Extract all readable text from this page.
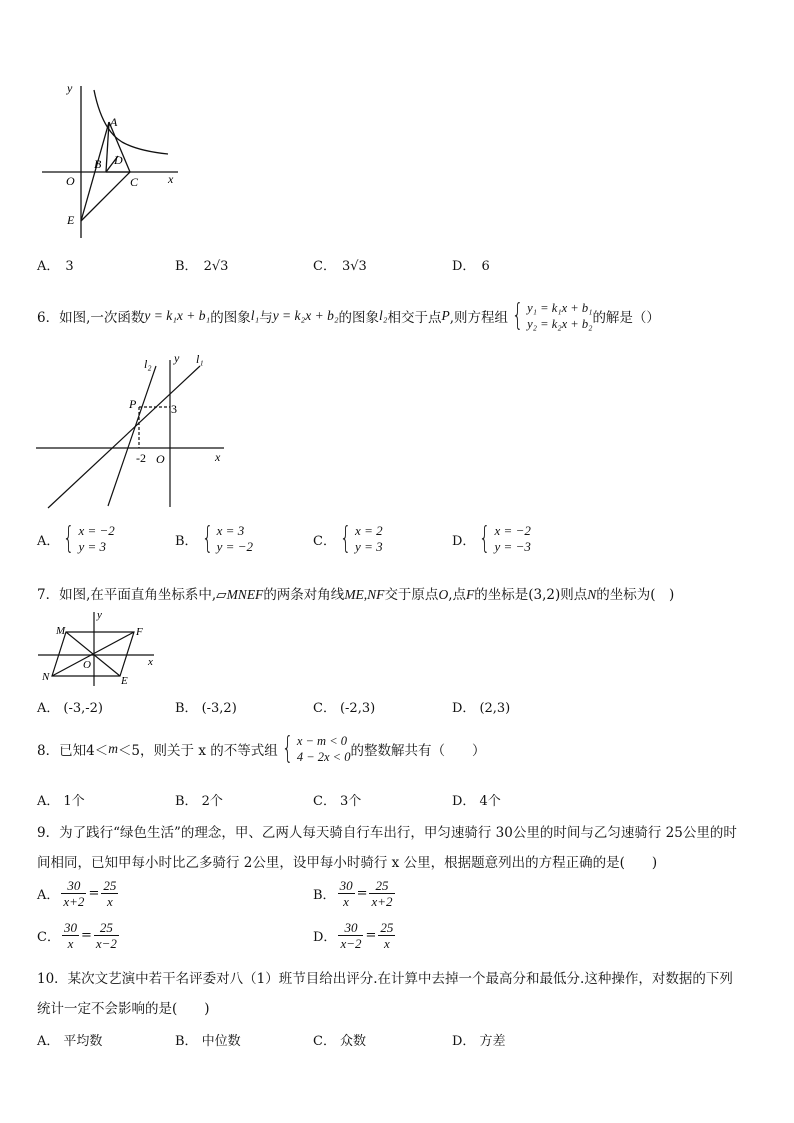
y
A
D
B
O	C x
E
A． 3	B． 2√3	C． 3√3	D． 6
6． 如图,一次函数 y = k₁x + b₁ 的图象 l₁ 与 y = k₂x + b₂ 的图象 l₂ 相交于点 P ,则方程组 { y₁ = k₁x + b₁
y₂ = k₂x + b₂ 的解是（）
l₂ y l₁
P	3
-2 O	x
A． { x = −2
y = 3	B． { x = 3
y = −2	C． { x = 2
y = 3	D． { x = −2
y = −3
7．如图,在平面直角坐标系中,▱MNEF的两条对角线ME,NF交于原点O,点F的坐标是(3,2)则点N的坐标为(　)
y
M	F
O	x
N	E
A． (-3,-2)	B． (-3,2)	C． (-2,3)	D． (2,3)
8． 已知4＜ m ＜5，则关于 x 的不等式组 { x − m < 0
4 − 2x < 0 的整数解共有（　　）
A． 1个	B． 2个	C． 3个	D． 4个
9．为了践行“绿色生活”的理念，甲、乙两人每天骑自行车出行，甲匀速骑行 30公里的时间与乙匀速骑行 25公里的时
间相同，已知甲每小时比乙多骑行 2公里，设甲每小时骑行 x 公里，根据题意列出的方程正确的是(　　)
A． $\frac{30}{x+2} = \frac{25}{x}$	B． $\frac{30}{x} = \frac{25}{x+2}$
C． $\frac{30}{x} = \frac{25}{x-2}$	D． $\frac{30}{x-2} = \frac{25}{x}$
10．某次文艺演中若干名评委对八（1）班节目给出评分.在计算中去掉一个最高分和最低分.这种操作，对数据的下列
统计一定不会影响的是(　　)
A． 平均数	B． 中位数	C． 众数	D． 方差
